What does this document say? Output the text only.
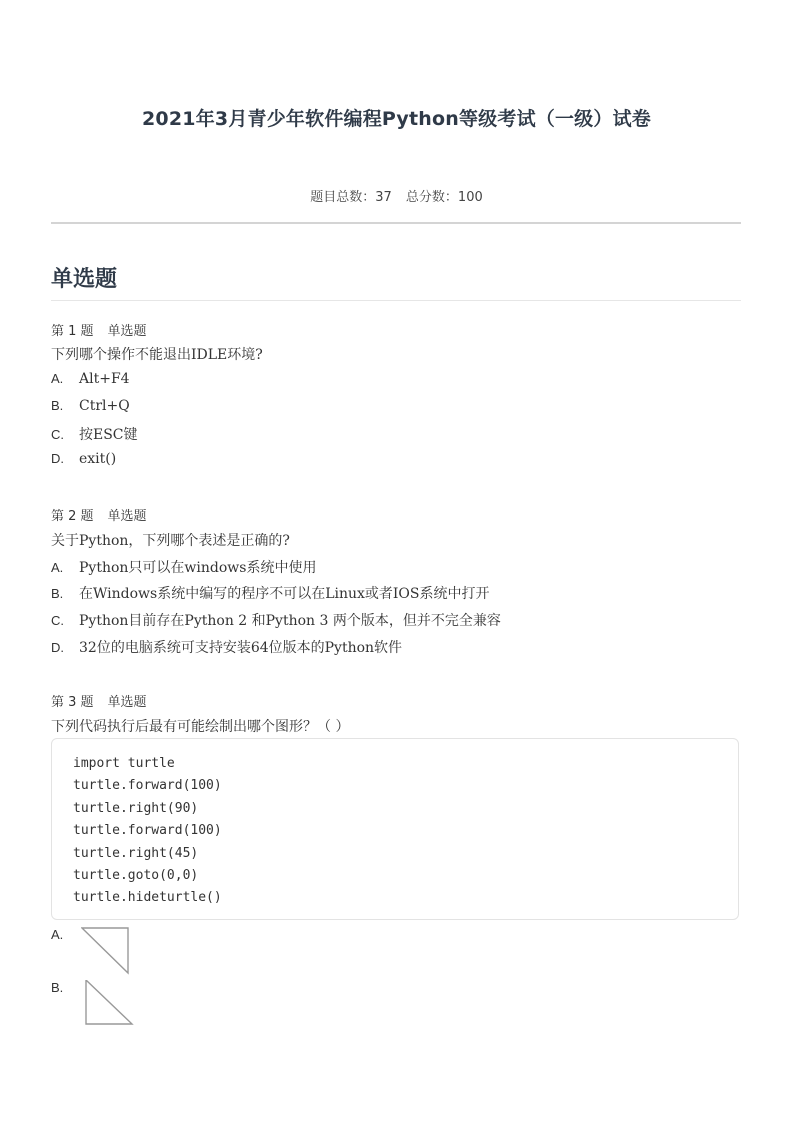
2021年3月青少年软件编程Python等级考试（一级）试卷
题目总数：37 总分数：100
单选题
第 1 题 单选题
下列哪个操作不能退出IDLE环境?
A. Alt+F4
B. Ctrl+Q
C. 按ESC键
D. exit()
第 2 题 单选题
关于Python，下列哪个表述是正确的?
A. Python只可以在windows系统中使用
B. 在Windows系统中编写的程序不可以在Linux或者IOS系统中打开
C. Python目前存在Python 2 和Python 3 两个版本，但并不完全兼容
D. 32位的电脑系统可支持安装64位版本的Python软件
第 3 题 单选题
下列代码执行后最有可能绘制出哪个图形？（ ）
import turtle
turtle.forward(100)
turtle.right(90)
turtle.forward(100)
turtle.right(45)
turtle.goto(0,0)
turtle.hideturtle()
A.
B.
